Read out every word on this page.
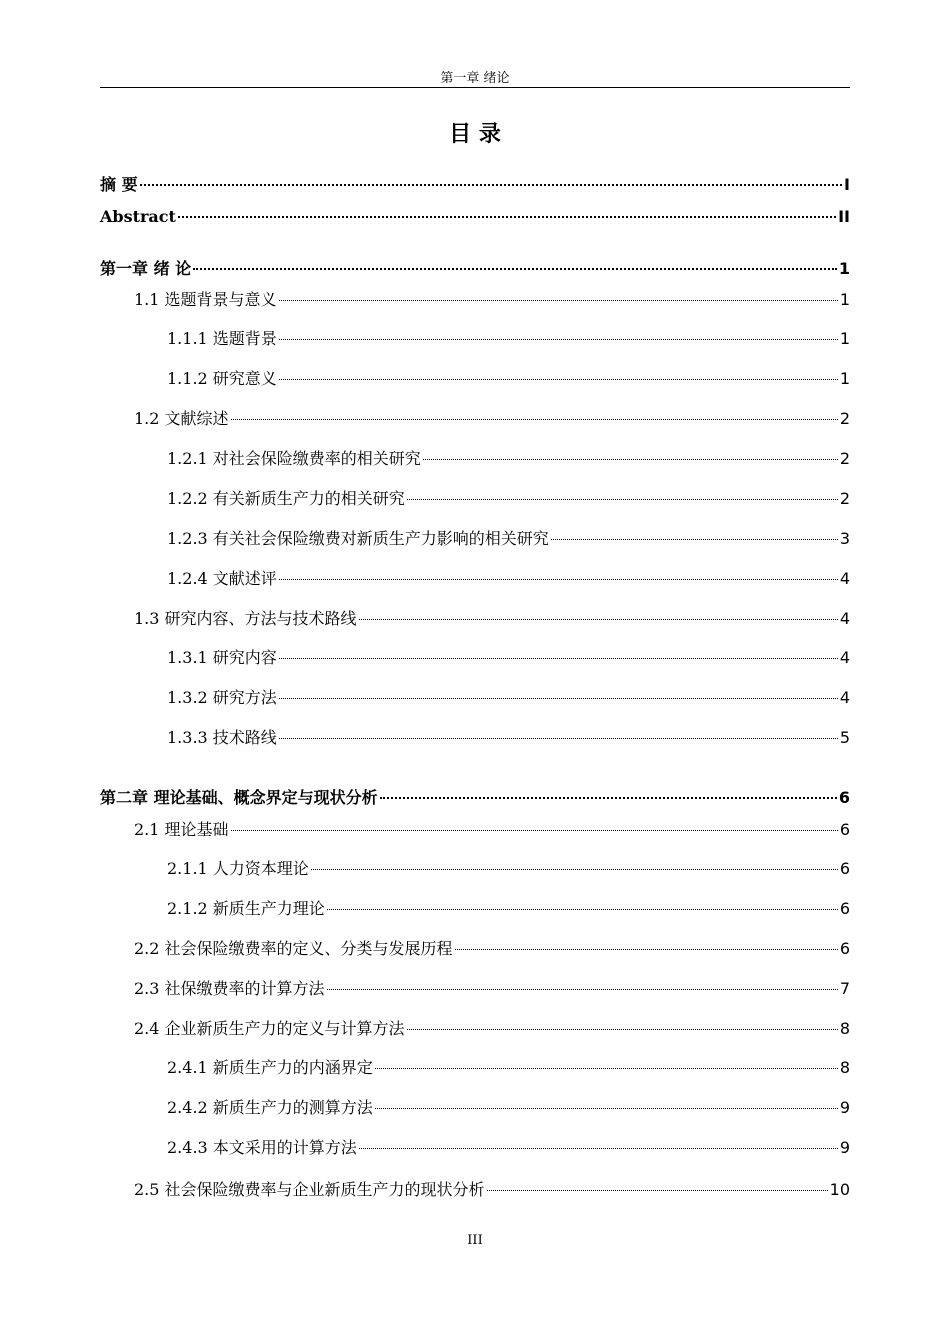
第一章 绪论
目 录
摘 要	I
Abstract	II
第一章 绪 论	1
1.1 选题背景与意义	1
1.1.1 选题背景	1
1.1.2 研究意义	1
1.2 文献综述	2
1.2.1 对社会保险缴费率的相关研究	2
1.2.2 有关新质生产力的相关研究	2
1.2.3 有关社会保险缴费对新质生产力影响的相关研究	3
1.2.4 文献述评	4
1.3 研究内容、方法与技术路线	4
1.3.1 研究内容	4
1.3.2 研究方法	4
1.3.3 技术路线	5
第二章 理论基础、概念界定与现状分析	6
2.1 理论基础	6
2.1.1 人力资本理论	6
2.1.2 新质生产力理论	6
2.2 社会保险缴费率的定义、分类与发展历程	6
2.3 社保缴费率的计算方法	7
2.4 企业新质生产力的定义与计算方法	8
2.4.1 新质生产力的内涵界定	8
2.4.2 新质生产力的测算方法	9
2.4.3 本文采用的计算方法	9
2.5 社会保险缴费率与企业新质生产力的现状分析	10
III
